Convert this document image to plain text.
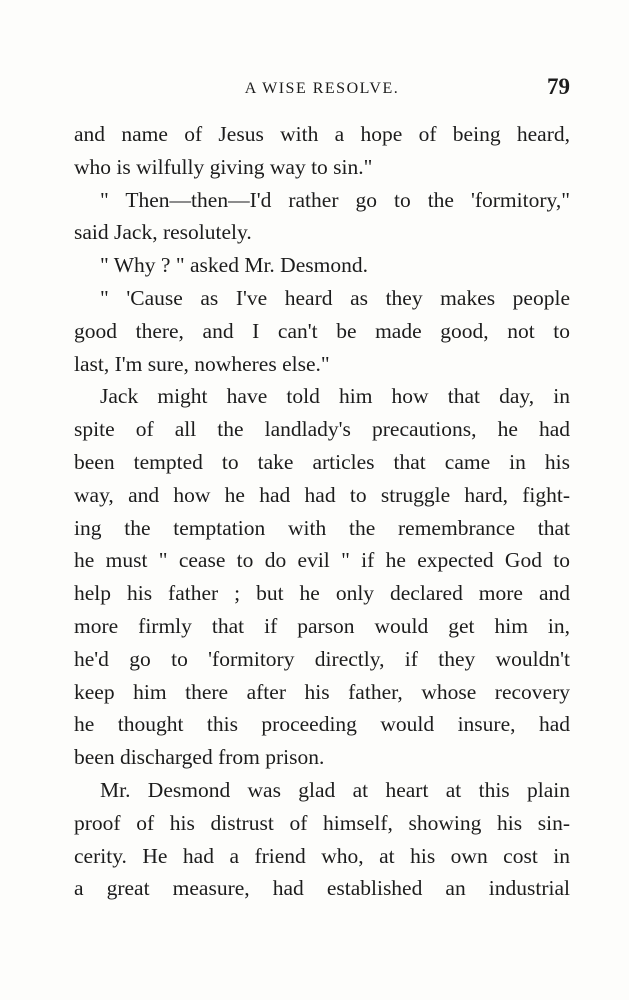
A WISE RESOLVE.	79
and name of Jesus with a hope of being heard,
who is wilfully giving way to sin."
" Then—then—I'd rather go to the 'formitory,"
said Jack, resolutely.
" Why ? " asked Mr. Desmond.
" 'Cause as I've heard as they makes people
good there, and I can't be made good, not to
last, I'm sure, nowheres else."
Jack might have told him how that day, in
spite of all the landlady's precautions, he had
been tempted to take articles that came in his
way, and how he had had to struggle hard, fight-
ing the temptation with the remembrance that
he must " cease to do evil " if he expected God to
help his father ; but he only declared more and
more firmly that if parson would get him in,
he'd go to 'formitory directly, if they wouldn't
keep him there after his father, whose recovery
he thought this proceeding would insure, had
been discharged from prison.
Mr. Desmond was glad at heart at this plain
proof of his distrust of himself, showing his sin-
cerity. He had a friend who, at his own cost in
a great measure, had established an industrial
